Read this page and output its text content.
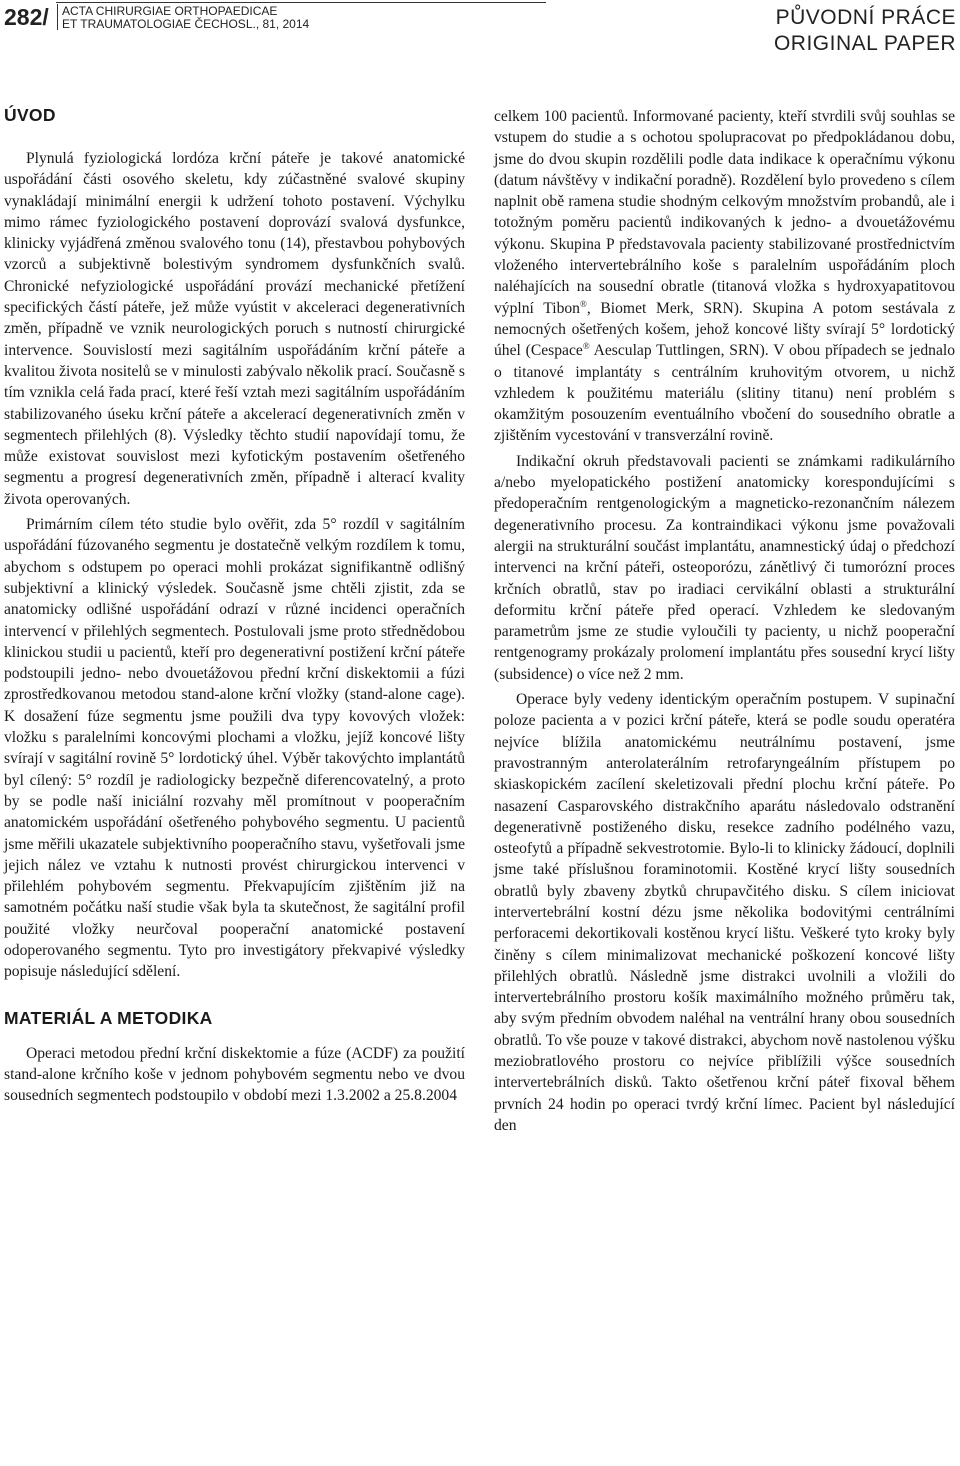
282/ ACTA CHIRURGIAE ORTHOPAEDICAE
ET TRAUMATOLOGIAE ČECHOSL., 81, 2014	PŮVODNÍ PRÁCE
ORIGINAL PAPER
ÚVOD

Plynulá fyziologická lordóza krční páteře je takové anatomické uspořádání části osového skeletu, kdy zúčastněné svalové skupiny vynakládají minimální energii k udržení tohoto postavení. Výchylku mimo rámec fyziologického postavení doprovází svalová dysfunkce, klinicky vyjádřená změnou svalového tonu (14), přestavbou pohybových vzorců a subjektivně bolestivým syndromem dysfunkčních svalů. Chronické nefyziologické uspořádání provází mechanické přetížení specifických částí páteře, jež může vyústit v akceleraci degenerativních změn, případně ve vznik neurologických poruch s nutností chirurgické intervence. Souvislostí mezi sagitálním uspořádáním krční páteře a kvalitou života nositelů se v minulosti zabývalo několik prací. Současně s tím vznikla celá řada prací, které řeší vztah mezi sagitálním uspořádáním stabilizovaného úseku krční páteře a akcelerací degenerativních změn v segmentech přilehlých (8). Výsledky těchto studií napovídají tomu, že může existovat souvislost mezi kyfotickým postavením ošetřeného segmentu a progresí degenerativních změn, případně i alterací kvality života operovaných.

Primárním cílem této studie bylo ověřit, zda 5° rozdíl v sagitálním uspořádání fúzovaného segmentu je dostatečně velkým rozdílem k tomu, abychom s odstupem po operaci mohli prokázat signifikantně odlišný subjektivní a klinický výsledek. Současně jsme chtěli zjistit, zda se anatomicky odlišné uspořádání odrazí v různé incidenci operačních intervencí v přilehlých segmentech. Postulovali jsme proto střednědobou klinickou studii u pacientů, kteří pro degenerativní postižení krční páteře podstoupili jedno- nebo dvouetážovou přední krční diskektomii a fúzi zprostředkovanou metodou stand-alone krční vložky (stand-alone cage). K dosažení fúze segmentu jsme použili dva typy kovových vložek: vložku s paralelními koncovými plochami a vložku, jejíž koncové lišty svírají v sagitální rovině 5° lordotický úhel. Výběr takovýchto implantátů byl cílený: 5° rozdíl je radiologicky bezpečně diferencovatelný, a proto by se podle naší iniciální rozvahy měl promítnout v pooperačním anatomickém uspořádání ošetřeného pohybového segmentu. U pacientů jsme měřili ukazatele subjektivního pooperačního stavu, vyšetřovali jsme jejich nález ve vztahu k nutnosti provést chirurgickou intervenci v přilehlém pohybovém segmentu. Překvapujícím zjištěním již na samotném počátku naší studie však byla ta skutečnost, že sagitální profil použité vložky neurčoval pooperační anatomické postavení odoperovaného segmentu. Tyto pro investigátory překvapivé výsledky popisuje následující sdělení.

MATERIÁL A METODIKA

Operaci metodou přední krční diskektomie a fúze (ACDF) za použití stand-alone krčního koše v jednom pohybovém segmentu nebo ve dvou sousedních segmentech podstoupilo v období mezi 1.3.2002 a 25.8.2004

celkem 100 pacientů. Informované pacienty, kteří stvrdili svůj souhlas se vstupem do studie a s ochotou spolupracovat po předpokládanou dobu, jsme do dvou skupin rozdělili podle data indikace k operačnímu výkonu (datum návštěvy v indikační poradně). Rozdělení bylo provedeno s cílem naplnit obě ramena studie shodným celkovým množstvím probandů, ale i totožným poměru pacientů indikovaných k jedno- a dvouetážovému výkonu. Skupina P představovala pacienty stabilizované prostřednictvím vloženého intervertebrálního koše s paralelním uspořádáním ploch naléhajících na sousední obratle (titanová vložka s hydroxyapatitovou výplní Tibon®, Biomet Merk, SRN). Skupina A potom sestávala z nemocných ošetřených košem, jehož koncové lišty svírají 5° lordotický úhel (Cespace® Aesculap Tuttlingen, SRN). V obou případech se jednalo o titanové implantáty s centrálním kruhovitým otvorem, u nichž vzhledem k použitému materiálu (slitiny titanu) není problém s okamžitým posouzením eventuálního vbočení do sousedního obratle a zjištěním vycestování v transverzální rovině.

Indikační okruh představovali pacienti se známkami radikulárního a/nebo myelopatického postižení anatomicky korespondujícími s předoperačním rentgenologickým a magneticko-rezonančním nálezem degenerativního procesu. Za kontraindikaci výkonu jsme považovali alergii na strukturální součást implantátu, anamnestický údaj o předchozí intervenci na krční páteři, osteoporózu, zánětlivý či tumorózní proces krčních obratlů, stav po iradiaci cervikální oblasti a strukturální deformitu krční páteře před operací. Vzhledem ke sledovaným parametrům jsme ze studie vyloučili ty pacienty, u nichž pooperační rentgenogramy prokázaly prolomení implantátu přes sousední krycí lišty (subsidence) o více než 2 mm.

Operace byly vedeny identickým operačním postupem. V supinační poloze pacienta a v pozici krční páteře, která se podle soudu operatéra nejvíce blížila anatomickému neutrálnímu postavení, jsme pravostranným anterolaterálním retrofaryngeálním přístupem po skiaskopickém zacílení skeletizovali přední plochu krční páteře. Po nasazení Casparovského distrakčního aparátu následovalo odstranění degenerativně postiženého disku, resekce zadního podélného vazu, osteofytů a případně sekvestrotomie. Bylo-li to klinicky žádoucí, doplnili jsme také příslušnou foraminotomii. Kostěné krycí lišty sousedních obratlů byly zbaveny zbytků chrupavčitého disku. S cílem iniciovat intervertebrální kostní dézu jsme několika bodovitými centrálními perforacemi dekortikovali kostěnou krycí lištu. Veškeré tyto kroky byly činěny s cílem minimalizovat mechanické poškození koncové lišty přilehlých obratlů. Následně jsme distrakci uvolnili a vložili do intervertebrálního prostoru košík maximálního možného průměru tak, aby svým předním obvodem naléhal na ventrální hrany obou sousedních obratlů. To vše pouze v takové distrakci, abychom nově nastolenou výšku meziobratlového prostoru co nejvíce přiblížili výšce sousedních intervertebrálních disků. Takto ošetřenou krční páteř fixoval během prvních 24 hodin po operaci tvrdý krční límec. Pacient byl následující den
